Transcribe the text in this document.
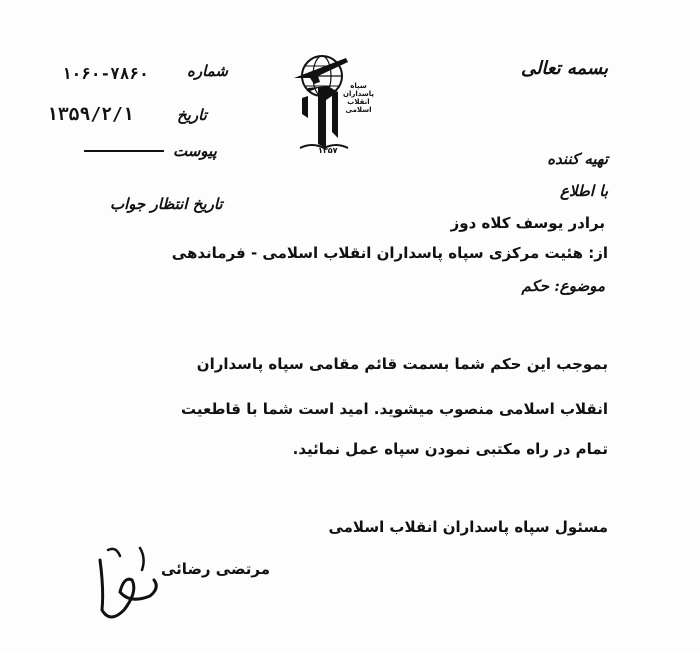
بسمه تعالی
شماره
۱۰۶۰-۷۸۶۰
تاریخ
۱۳۵۹/۲/۱
پیوست
تاریخ انتظار جواب
سپاه
پاسداران
انقلاب
اسلامی
۱۳۵۷	تهیه کننده
با اطلاع
برادر یوسف کلاه دوز
از: هئیت مرکزی سپاه پاسداران انقلاب اسلامی - فرماندهی
موضوع: حکم
بموجب این حکم شما بسمت قائم مقامی سپاه پاسداران
انقلاب اسلامی منصوب میشوید. امید است شما با قاطعیت
تمام در راه مکتبی نمودن سپاه عمل نمائید.
مسئول سپاه پاسداران انقلاب اسلامی
مرتضی رضائی
